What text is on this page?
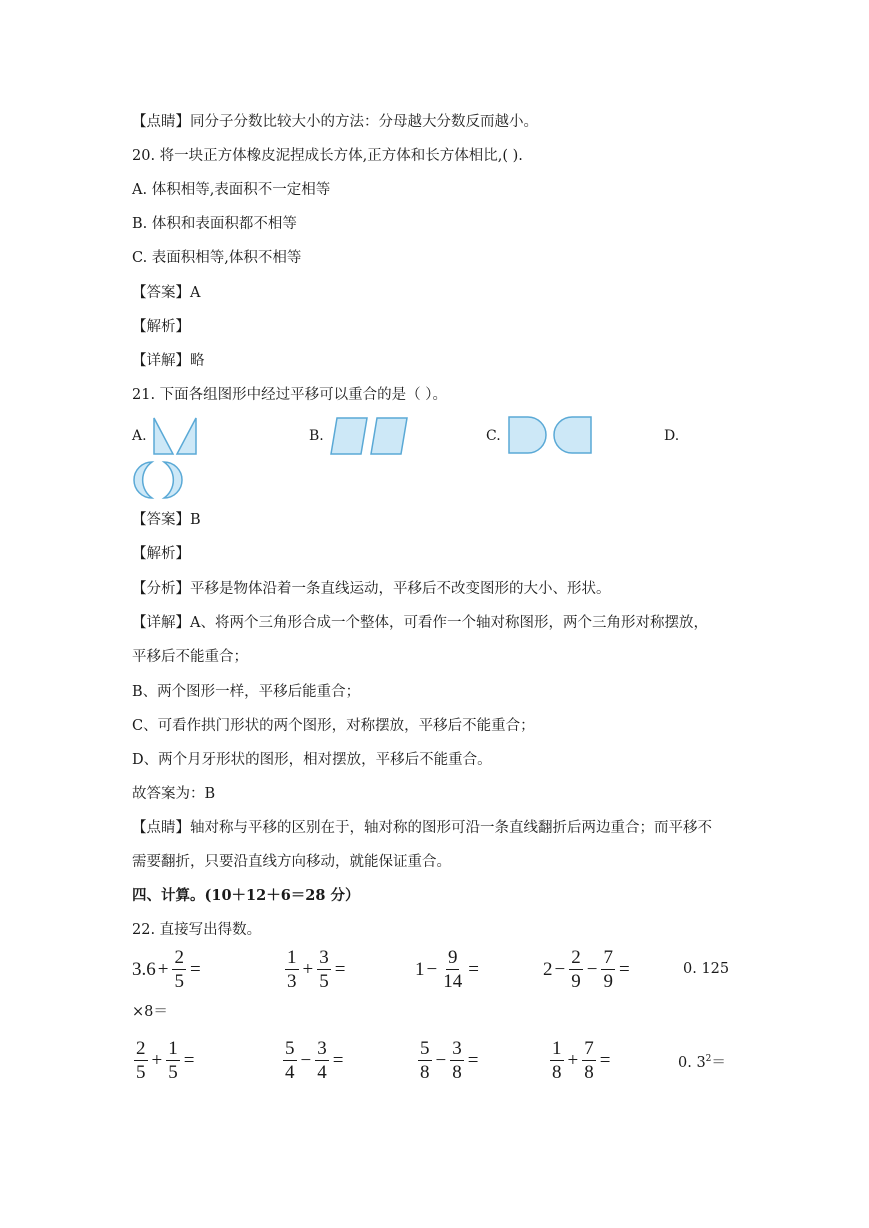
【点睛】同分子分数比较大小的方法：分母越大分数反而越小。
20. 将一块正方体橡皮泥捏成长方体,正方体和长方体相比,( ).
A. 体积相等,表面积不一定相等
B. 体积和表面积都不相等
C. 表面积相等,体积不相等
【答案】A
【解析】
【详解】略
21. 下面各组图形中经过平移可以重合的是（ ）。
A.	B.	C.	D.
【答案】B
【解析】
【分析】平移是物体沿着一条直线运动，平移后不改变图形的大小、形状。
【详解】A、将两个三角形合成一个整体，可看作一个轴对称图形，两个三角形对称摆放，
平移后不能重合；
B、两个图形一样，平移后能重合；
C、可看作拱门形状的两个图形，对称摆放，平移后不能重合；
D、两个月牙形状的图形，相对摆放，平移后不能重合。
故答案为：B
【点睛】轴对称与平移的区别在于，轴对称的图形可沿一条直线翻折后两边重合；而平移不
需要翻折，只要沿直线方向移动，就能保证重合。
四、计算。(10＋12＋6＝28 分）
22. 直接写出得数。
$3.6 + \frac{2}{5}$ =	$\frac{1}{3} + \frac{3}{5}$ =	$1 - \frac{9}{14}$ =	$2 - \frac{2}{9} - \frac{7}{9}$ =	0. 125
×8＝
$\frac{2}{5} + \frac{1}{5}$ =	$\frac{5}{4} - \frac{3}{4}$ =	$\frac{5}{8} - \frac{3}{8}$ =	$\frac{1}{8} + \frac{7}{8}$ =	0. $3^2=$
